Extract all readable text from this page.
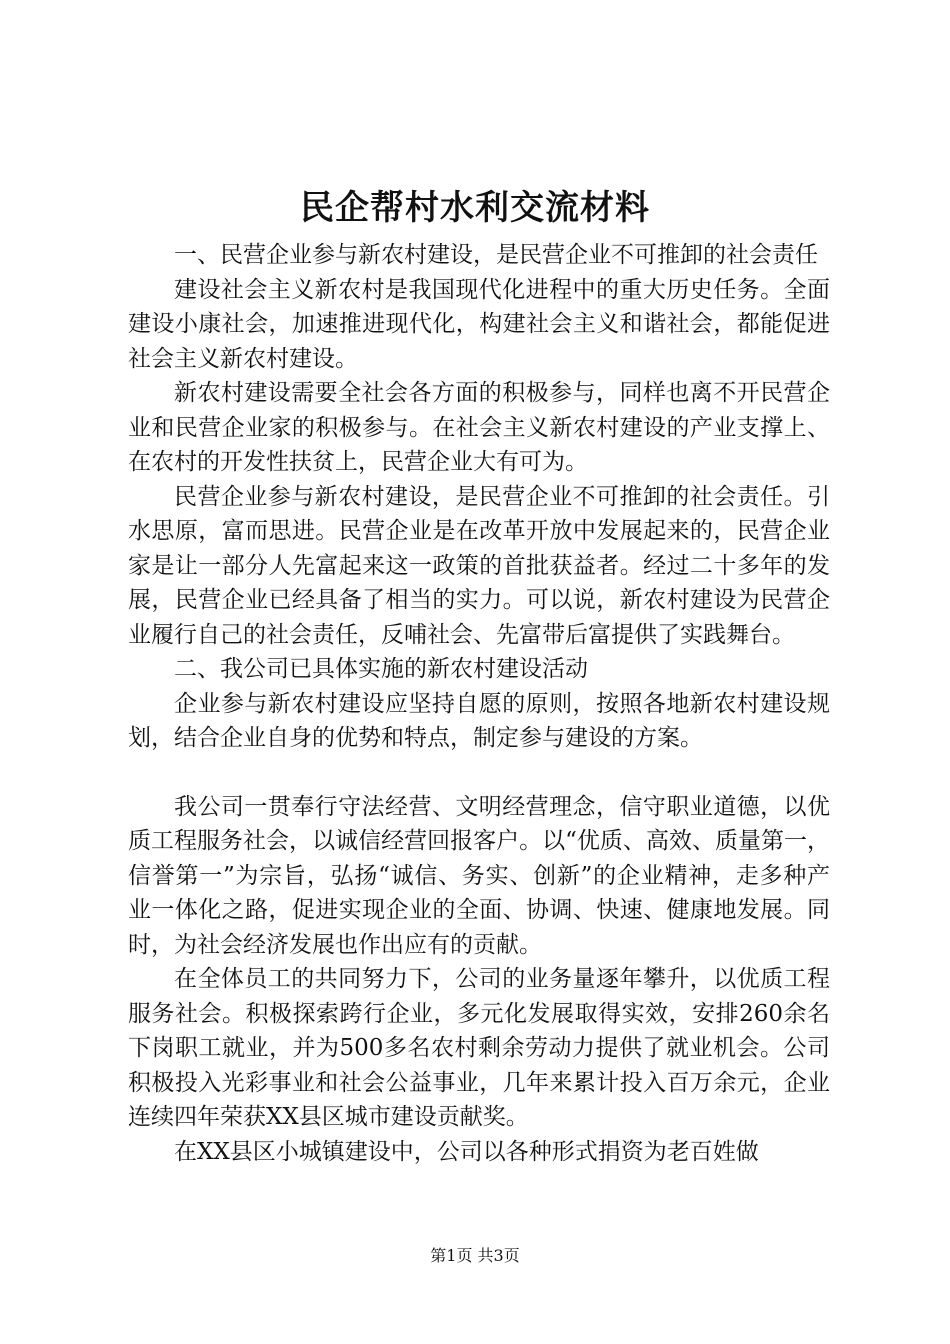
民企帮村水利交流材料

一、民营企业参与新农村建设，是民营企业不可推卸的社会责任

建设社会主义新农村是我国现代化进程中的重大历史任务。全面建设小康社会，加速推进现代化，构建社会主义和谐社会，都能促进社会主义新农村建设。

新农村建设需要全社会各方面的积极参与，同样也离不开民营企业和民营企业家的积极参与。在社会主义新农村建设的产业支撑上、在农村的开发性扶贫上，民营企业大有可为。

民营企业参与新农村建设，是民营企业不可推卸的社会责任。引水思原，富而思进。民营企业是在改革开放中发展起来的，民营企业家是让一部分人先富起来这一政策的首批获益者。经过二十多年的发展，民营企业已经具备了相当的实力。可以说，新农村建设为民营企业履行自己的社会责任，反哺社会、先富带后富提供了实践舞台。

二、我公司已具体实施的新农村建设活动

企业参与新农村建设应坚持自愿的原则，按照各地新农村建设规划，结合企业自身的优势和特点，制定参与建设的方案。

我公司一贯奉行守法经营、文明经营理念，信守职业道德，以优质工程服务社会，以诚信经营回报客户。以“优质、高效、质量第一，信誉第一”为宗旨，弘扬“诚信、务实、创新”的企业精神，走多种产业一体化之路，促进实现企业的全面、协调、快速、健康地发展。同时，为社会经济发展也作出应有的贡献。

在全体员工的共同努力下，公司的业务量逐年攀升，以优质工程服务社会。积极探索跨行企业，多元化发展取得实效，安排260余名下岗职工就业，并为500多名农村剩余劳动力提供了就业机会。公司积极投入光彩事业和社会公益事业，几年来累计投入百万余元，企业连续四年荣获XX县区城市建设贡献奖。

在XX县区小城镇建设中，公司以各种形式捐资为老百姓做

第1页 共3页
